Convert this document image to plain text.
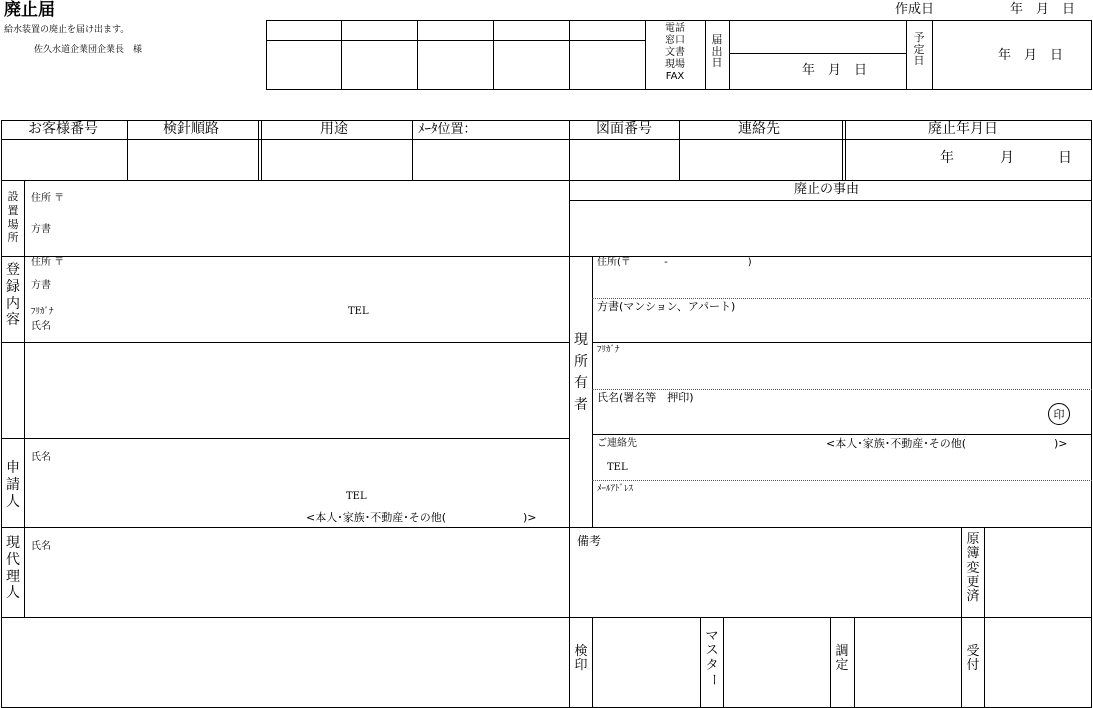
廃止届
給水装置の廃止を届け出ます。
佐久水道企業団企業長　様
作成日	年　月　日
電話
窓口
文書
現場
FAX
届
出
日
年　月　日
予
定
日	年　月　日
お客様番号	検針順路	用途	ﾒｰﾀ位置：	図面番号	連絡先	廃止年月日
年	月	日
設
置
場
所
住所 〒
方書
登
録
内
容
住所 〒
方書
ﾌﾘｶﾞﾅ	TEL
氏名
申
請
人
氏名
TEL
<本人･家族･不動産･その他(　　　　　　　)>
現
代
理
人
氏名
廃止の事由
現
所
有
者
住所(〒　　　 -　　　　　　　　)
方書(マンション、アパート)
ﾌﾘｶﾞﾅ
氏名(署名等　押印)
印
ご連絡先	<本人･家族･不動産･その他(　　　　　　　　)>
TEL
ﾒｰﾙｱﾄﾞﾚｽ
備考	原
簿
変
更
済
検
印
マ
ス
タ
ー
調
定
受
付
